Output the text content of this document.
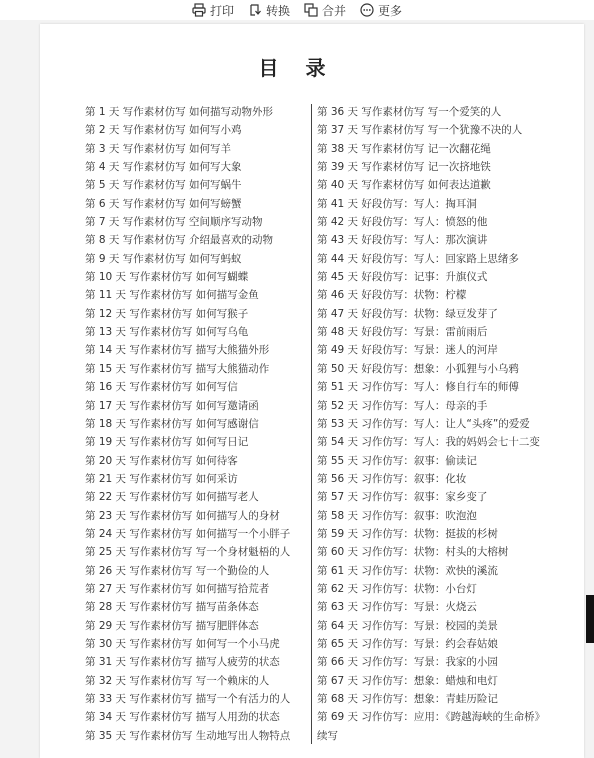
打印	转换	合并	更多
目 录
第 1 天 写作素材仿写 如何描写动物外形
第 2 天 写作素材仿写 如何写小鸡
第 3 天 写作素材仿写 如何写羊
第 4 天 写作素材仿写 如何写大象
第 5 天 写作素材仿写 如何写蜗牛
第 6 天 写作素材仿写 如何写螃蟹
第 7 天 写作素材仿写 空间顺序写动物
第 8 天 写作素材仿写 介绍最喜欢的动物
第 9 天 写作素材仿写 如何写蚂蚁
第 10 天 写作素材仿写 如何写蝴蝶
第 11 天 写作素材仿写 如何描写金鱼
第 12 天 写作素材仿写 如何写猴子
第 13 天 写作素材仿写 如何写乌龟
第 14 天 写作素材仿写 描写大熊猫外形
第 15 天 写作素材仿写 描写大熊猫动作
第 16 天 写作素材仿写 如何写信
第 17 天 写作素材仿写 如何写邀请函
第 18 天 写作素材仿写 如何写感谢信
第 19 天 写作素材仿写 如何写日记
第 20 天 写作素材仿写 如何待客
第 21 天 写作素材仿写 如何采访
第 22 天 写作素材仿写 如何描写老人
第 23 天 写作素材仿写 如何描写人的身材
第 24 天 写作素材仿写 如何描写一个小胖子
第 25 天 写作素材仿写 写一个身材魁梧的人
第 26 天 写作素材仿写 写一个勤俭的人
第 27 天 写作素材仿写 如何描写拾荒者
第 28 天 写作素材仿写 描写苗条体态
第 29 天 写作素材仿写 描写肥胖体态
第 30 天 写作素材仿写 如何写一个小马虎
第 31 天 写作素材仿写 描写人疲劳的状态
第 32 天 写作素材仿写 写一个赖床的人
第 33 天 写作素材仿写 描写一个有活力的人
第 34 天 写作素材仿写 描写人用劲的状态
第 35 天 写作素材仿写 生动地写出人物特点
第 36 天 写作素材仿写 写一个爱笑的人
第 37 天 写作素材仿写 写一个犹豫不决的人
第 38 天 写作素材仿写 记一次翻花绳
第 39 天 写作素材仿写 记一次挤地铁
第 40 天 写作素材仿写 如何表达道歉
第 41 天 好段仿写：写人：掏耳洞
第 42 天 好段仿写：写人：愤怒的他
第 43 天 好段仿写：写人：那次演讲
第 44 天 好段仿写：写人：回家路上思绪多
第 45 天 好段仿写：记事：升旗仪式
第 46 天 好段仿写：状物：柠檬
第 47 天 好段仿写：状物：绿豆发芽了
第 48 天 好段仿写：写景：雷前雨后
第 49 天 好段仿写：写景：迷人的河岸
第 50 天 好段仿写：想象：小狐狸与小乌鸦
第 51 天 习作仿写：写人：修自行车的师傅
第 52 天 习作仿写：写人：母亲的手
第 53 天 习作仿写：写人：让人“头疼”的爱爱
第 54 天 习作仿写：写人：我的妈妈会七十二变
第 55 天 习作仿写：叙事：偷读记
第 56 天 习作仿写：叙事：化妆
第 57 天 习作仿写：叙事：家乡变了
第 58 天 习作仿写：叙事：吹泡泡
第 59 天 习作仿写：状物：挺拔的杉树
第 60 天 习作仿写：状物：村头的大榕树
第 61 天 习作仿写：状物：欢快的溪流
第 62 天 习作仿写：状物：小台灯
第 63 天 习作仿写：写景：火烧云
第 64 天 习作仿写：写景：校园的美景
第 65 天 习作仿写：写景：约会春姑娘
第 66 天 习作仿写：写景：我家的小园
第 67 天 习作仿写：想象：蜡烛和电灯
第 68 天 习作仿写：想象：青蛙历险记
第 69 天 习作仿写：应用：《跨越海峡的生命桥》
续写
